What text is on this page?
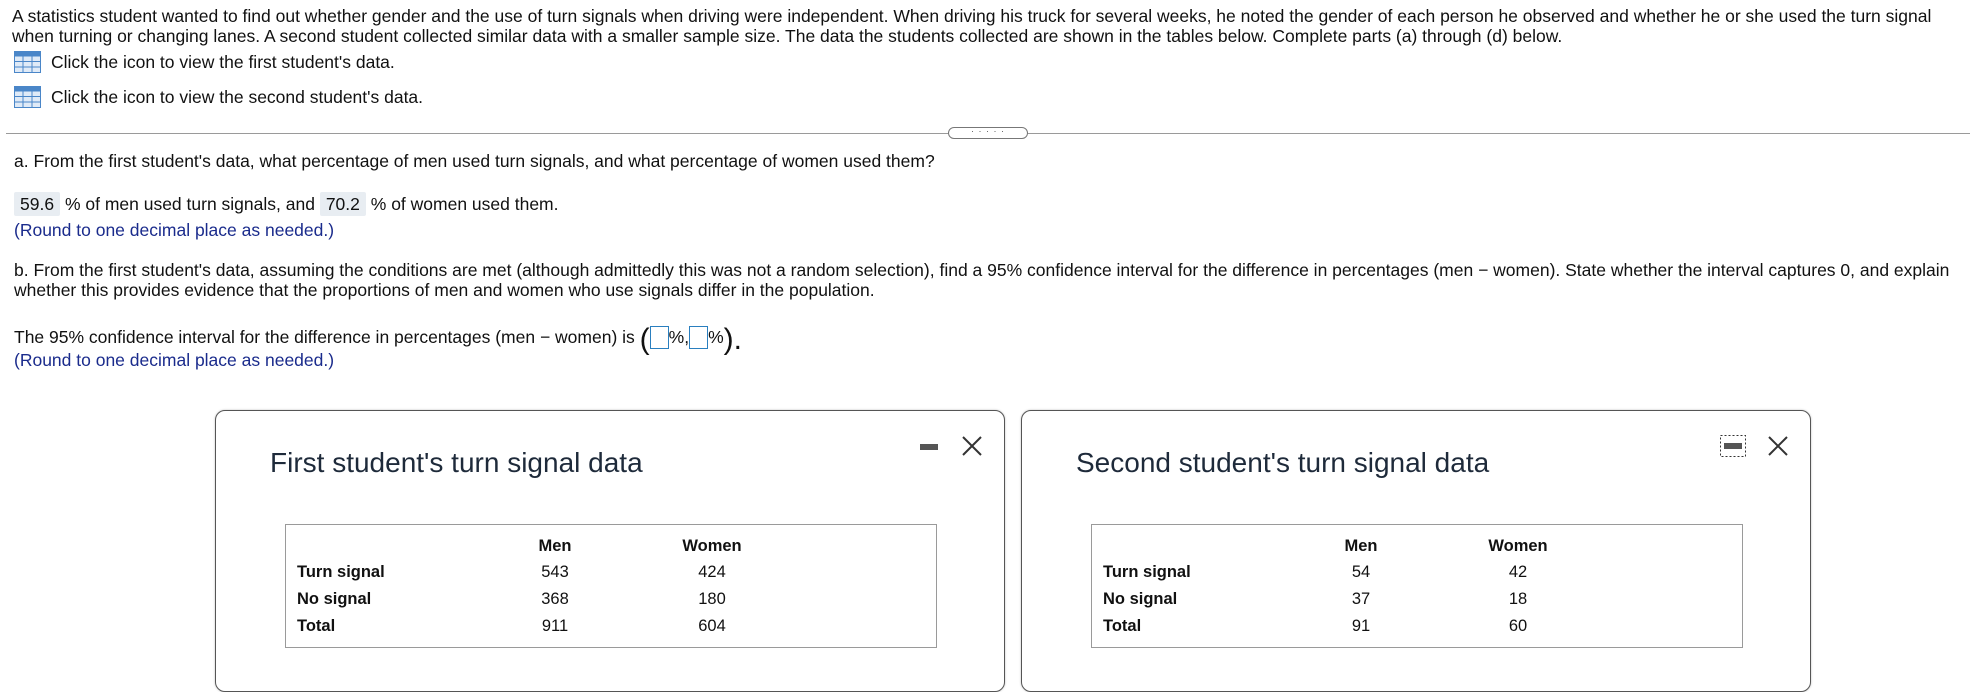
A statistics student wanted to find out whether gender and the use of turn signals when driving were independent. When driving his truck for several weeks, he noted the gender of each person he observed and whether he or she used the turn signal when turning or changing lanes. A second student collected similar data with a smaller sample size. The data the students collected are shown in the tables below. Complete parts (a) through (d) below.
Click the icon to view the first student's data.
Click the icon to view the second student's data.
· · · · ·
a. From the first student's data, what percentage of men used turn signals, and what percentage of women used them?
59.6 % of men used turn signals, and 70.2 % of women used them.
(Round to one decimal place as needed.)
b. From the first student's data, assuming the conditions are met (although admittedly this was not a random selection), find a 95% confidence interval for the difference in percentages (men − women). State whether the interval captures 0, and explain whether this provides evidence that the proportions of men and women who use signals differ in the population.
The 95% confidence interval for the difference in percentages (men − women) is ( %, %).
(Round to one decimal place as needed.)
First student's turn signal data
Men	Women
Turn signal	543	424
No signal	368	180
Total	911	604
Second student's turn signal data
Men	Women
Turn signal	54	42
No signal	37	18
Total	91	60
